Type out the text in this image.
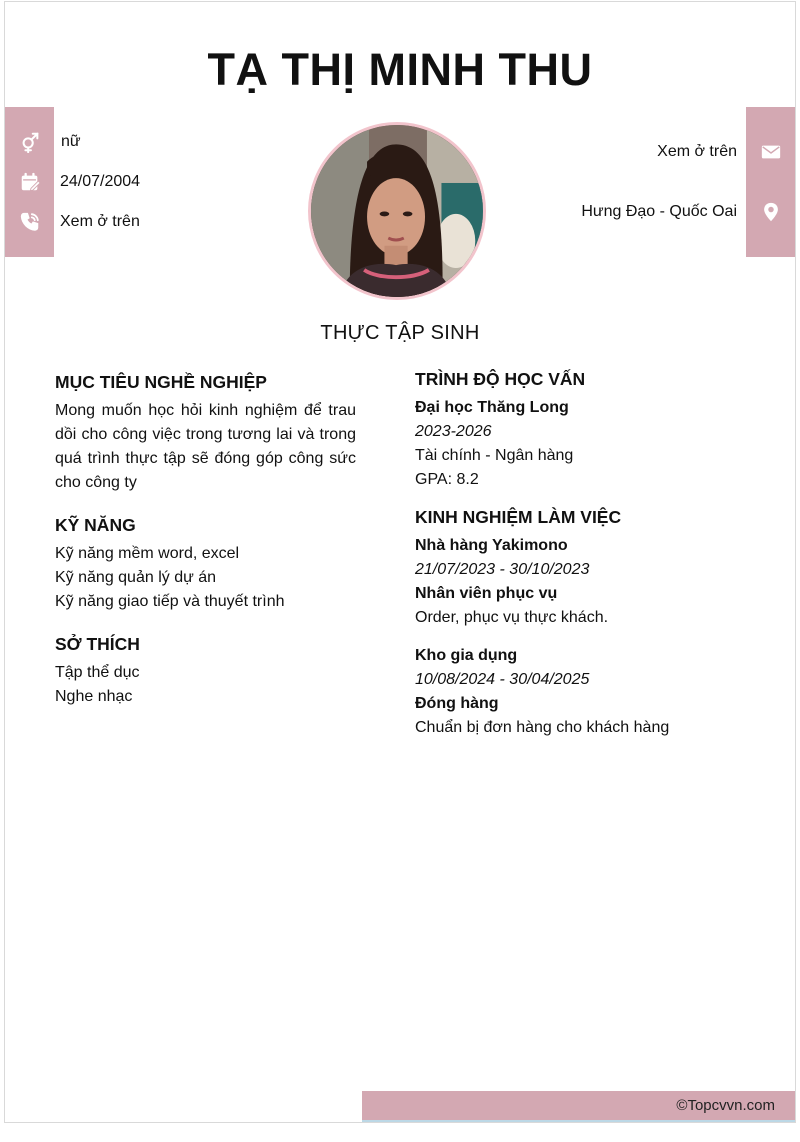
TẠ THỊ MINH THU
nữ
24/07/2004
Xem ở trên
Xem ở trên
Hưng Đạo - Quốc Oai
THỰC TẬP SINH
MỤC TIÊU NGHỀ NGHIỆP

Mong muốn học hỏi kinh nghiệm để trau dồi cho công việc trong tương lai và trong quá trình thực tập sẽ đóng góp công sức cho công ty

KỸ NĂNG
Kỹ năng mềm word, excel
Kỹ năng quản lý dự án
Kỹ năng giao tiếp và thuyết trình
SỞ THÍCH
Tập thể dục
Nghe nhạc
TRÌNH ĐỘ HỌC VẤN
Đại học Thăng Long
2023-2026
Tài chính - Ngân hàng
GPA: 8.2
KINH NGHIỆM LÀM VIỆC
Nhà hàng Yakimono
21/07/2023 - 30/10/2023
Nhân viên phục vụ
Order, phục vụ thực khách.
Kho gia dụng
10/08/2024 - 30/04/2025
Đóng hàng
Chuẩn bị đơn hàng cho khách hàng
©Topcvvn.com
